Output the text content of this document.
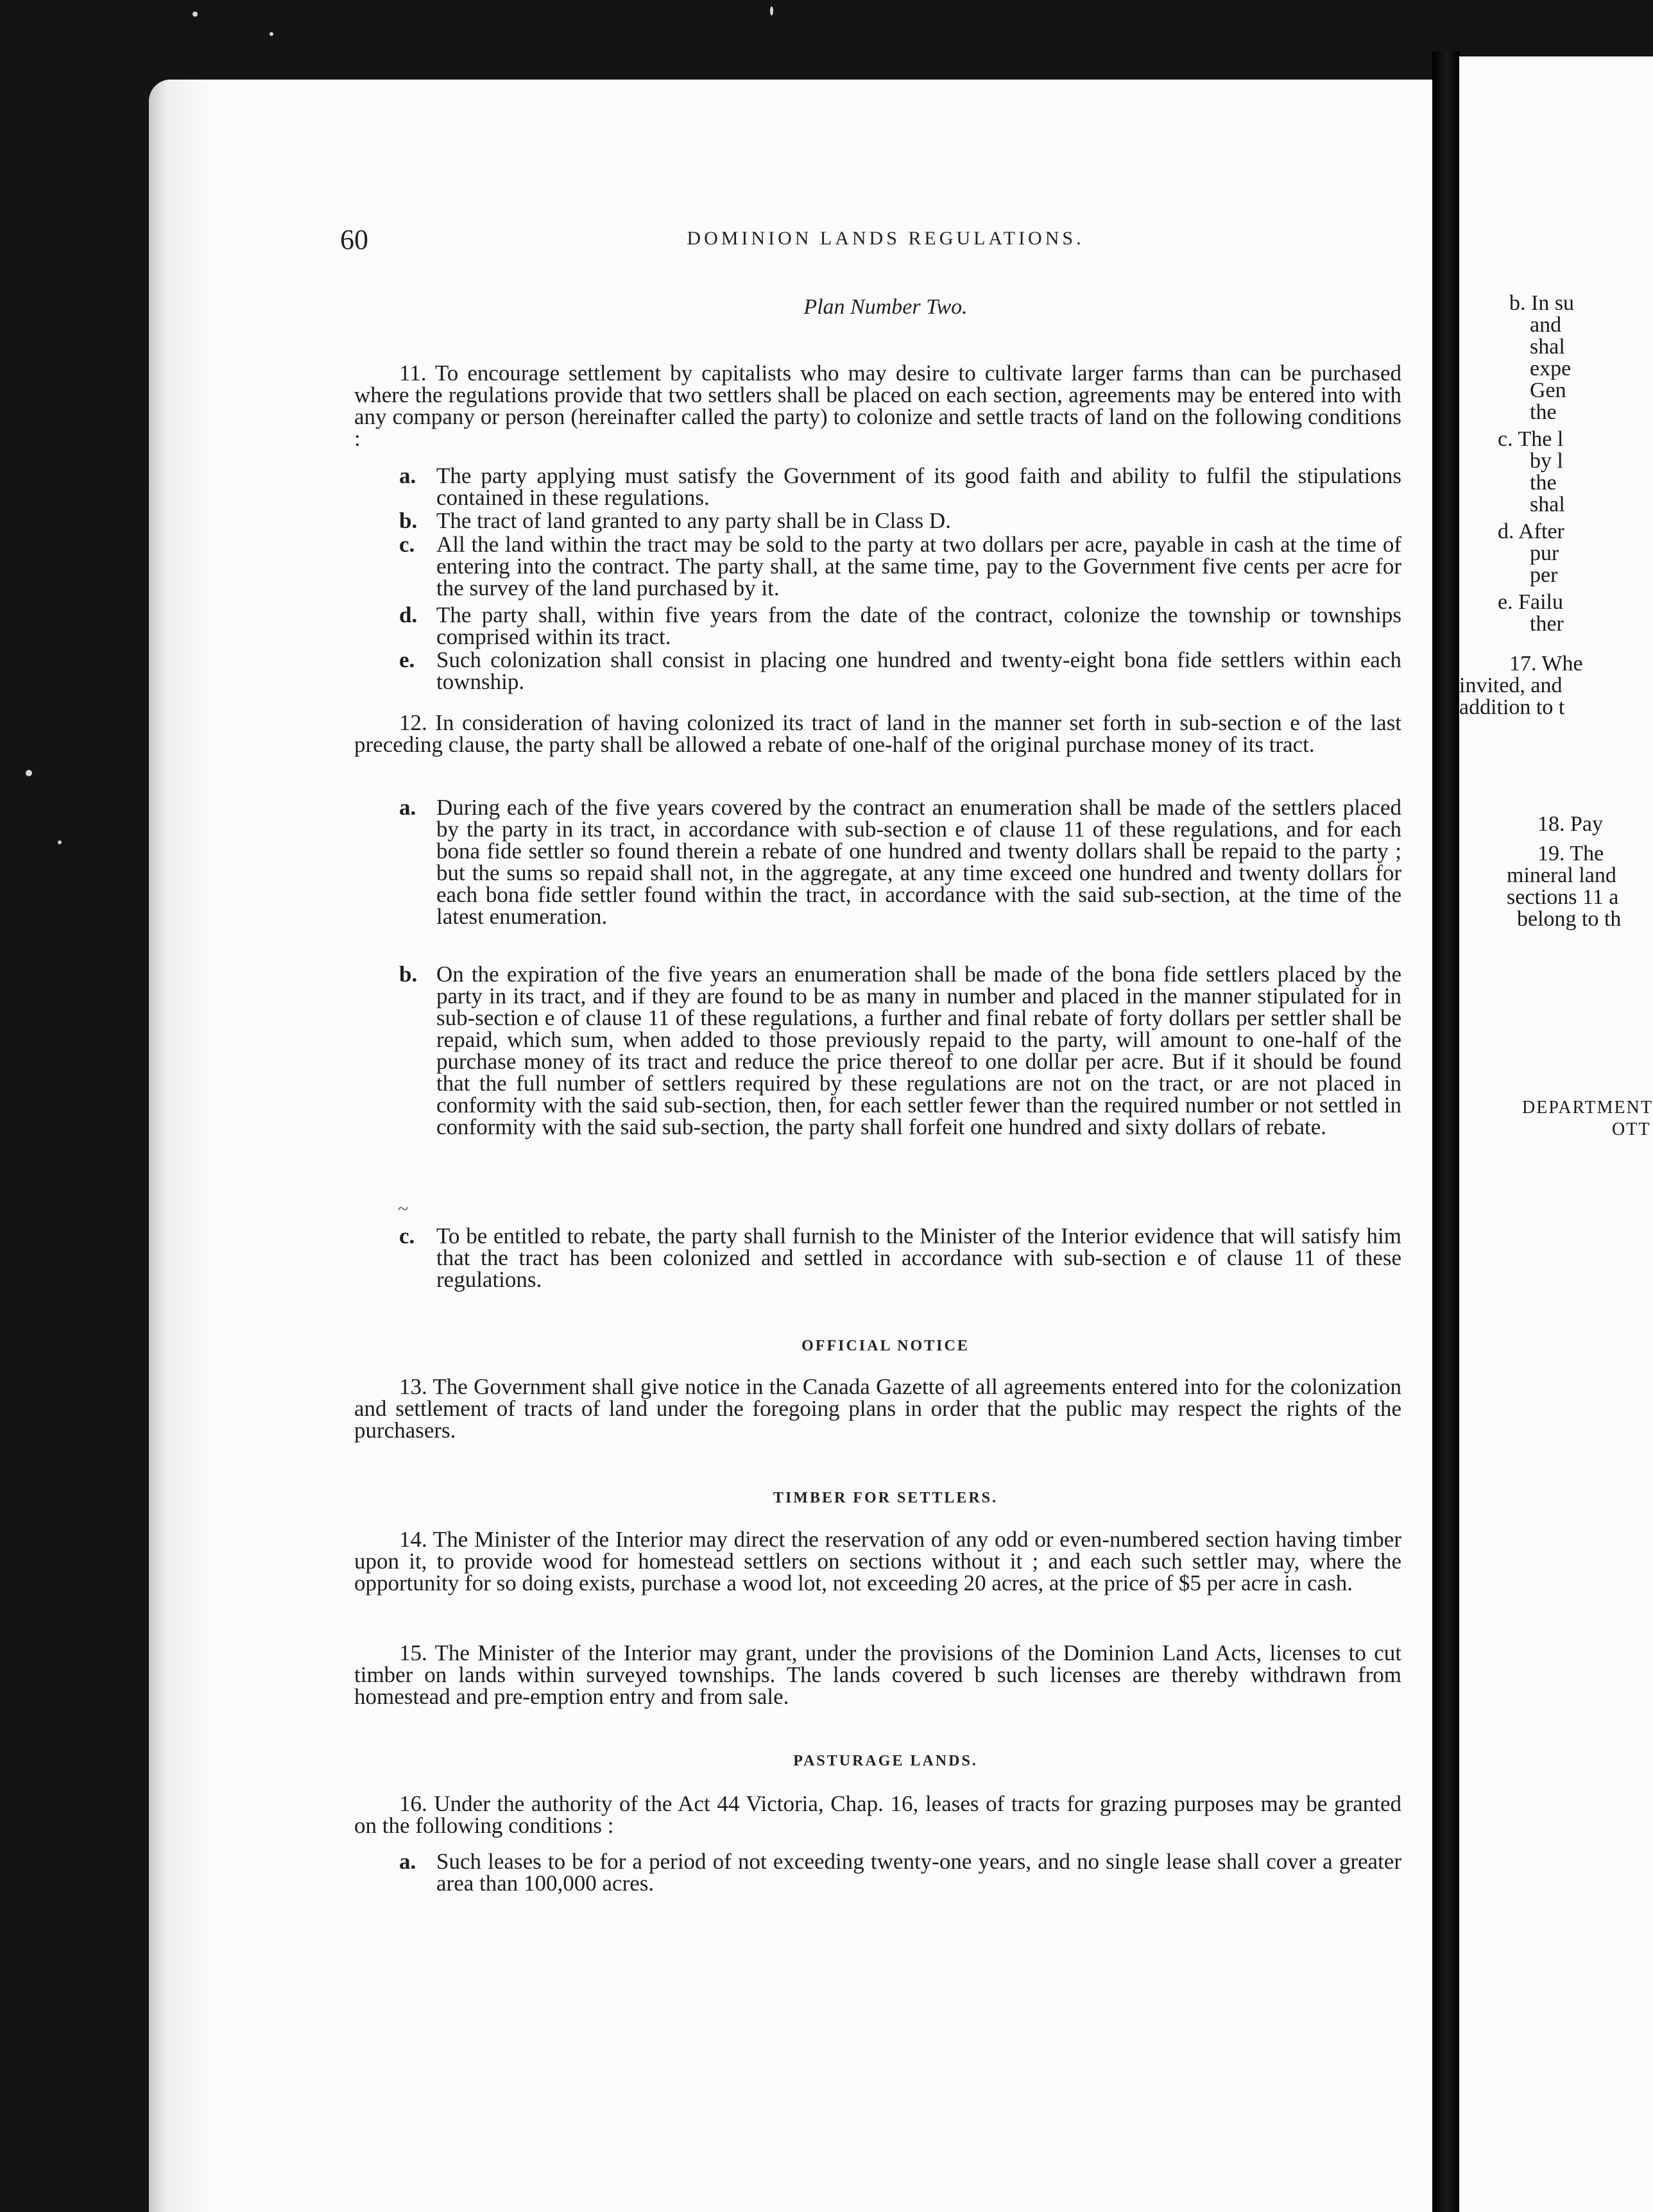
60	DOMINION LANDS REGULATIONS.
Plan Number Two.

11. To encourage settlement by capitalists who may desire to cultivate larger farms than can be purchased where the regulations provide that two settlers shall be placed on each section, agreements may be entered into with any company or person (hereinafter called the party) to colonize and settle tracts of land on the following conditions :

a. The party applying must satisfy the Government of its good faith and ability to fulfil the stipulations contained in these regulations.
b. The tract of land granted to any party shall be in Class D.
c. All the land within the tract may be sold to the party at two dollars per acre, payable in cash at the time of entering into the contract. The party shall, at the same time, pay to the Government five cents per acre for the survey of the land purchased by it.
d. The party shall, within five years from the date of the contract, colonize the township or townships comprised within its tract.
e. Such colonization shall consist in placing one hundred and twenty-eight bona fide settlers within each township.

12. In consideration of having colonized its tract of land in the manner set forth in sub-section e of the last preceding clause, the party shall be allowed a rebate of one-half of the original purchase money of its tract.

a. During each of the five years covered by the contract an enumeration shall be made of the settlers placed by the party in its tract, in accordance with sub-section e of clause 11 of these regulations, and for each bona fide settler so found therein a rebate of one hundred and twenty dollars shall be repaid to the party ; but the sums so repaid shall not, in the aggregate, at any time exceed one hundred and twenty dollars for each bona fide settler found within the tract, in accordance with the said sub-section, at the time of the latest enumeration.
b. On the expiration of the five years an enumeration shall be made of the bona fide settlers placed by the party in its tract, and if they are found to be as many in number and placed in the manner stipulated for in sub-section e of clause 11 of these regulations, a further and final rebate of forty dollars per settler shall be repaid, which sum, when added to those previously repaid to the party, will amount to one-half of the purchase money of its tract and reduce the price thereof to one dollar per acre. But if it should be found that the full number of settlers required by these regulations are not on the tract, or are not placed in conformity with the said sub-section, then, for each settler fewer than the required number or not settled in conformity with the said sub-section, the party shall forfeit one hundred and sixty dollars of rebate.
~
c. To be entitled to rebate, the party shall furnish to the Minister of the Interior evidence that will satisfy him that the tract has been colonized and settled in accordance with sub-section e of clause 11 of these regulations.
OFFICIAL NOTICE

13. The Government shall give notice in the Canada Gazette of all agreements entered into for the colonization and settlement of tracts of land under the foregoing plans in order that the public may respect the rights of the purchasers.

TIMBER FOR SETTLERS.

14. The Minister of the Interior may direct the reservation of any odd or even-numbered section having timber upon it, to provide wood for homestead settlers on sections without it ; and each such settler may, where the opportunity for so doing exists, purchase a wood lot, not exceeding 20 acres, at the price of $5 per acre in cash.

15. The Minister of the Interior may grant, under the provisions of the Dominion Land Acts, licenses to cut timber on lands within surveyed townships. The lands covered b such licenses are thereby withdrawn from homestead and pre-emption entry and from sale.

PASTURAGE LANDS.

16. Under the authority of the Act 44 Victoria, Chap. 16, leases of tracts for grazing purposes may be granted on the following conditions :

a. Such leases to be for a period of not exceeding twenty-one years, and no single lease shall cover a greater area than 100,000 acres.
b. In su
and
shal
expe
Gen
the
c. The l
by l
the
shal
d. After
pur
per
e. Failu
ther
17. Whe
invited, and
addition to t
18. Pay
19. The
mineral land
sections 11 a
belong to th
DEPARTMENT
OTT
